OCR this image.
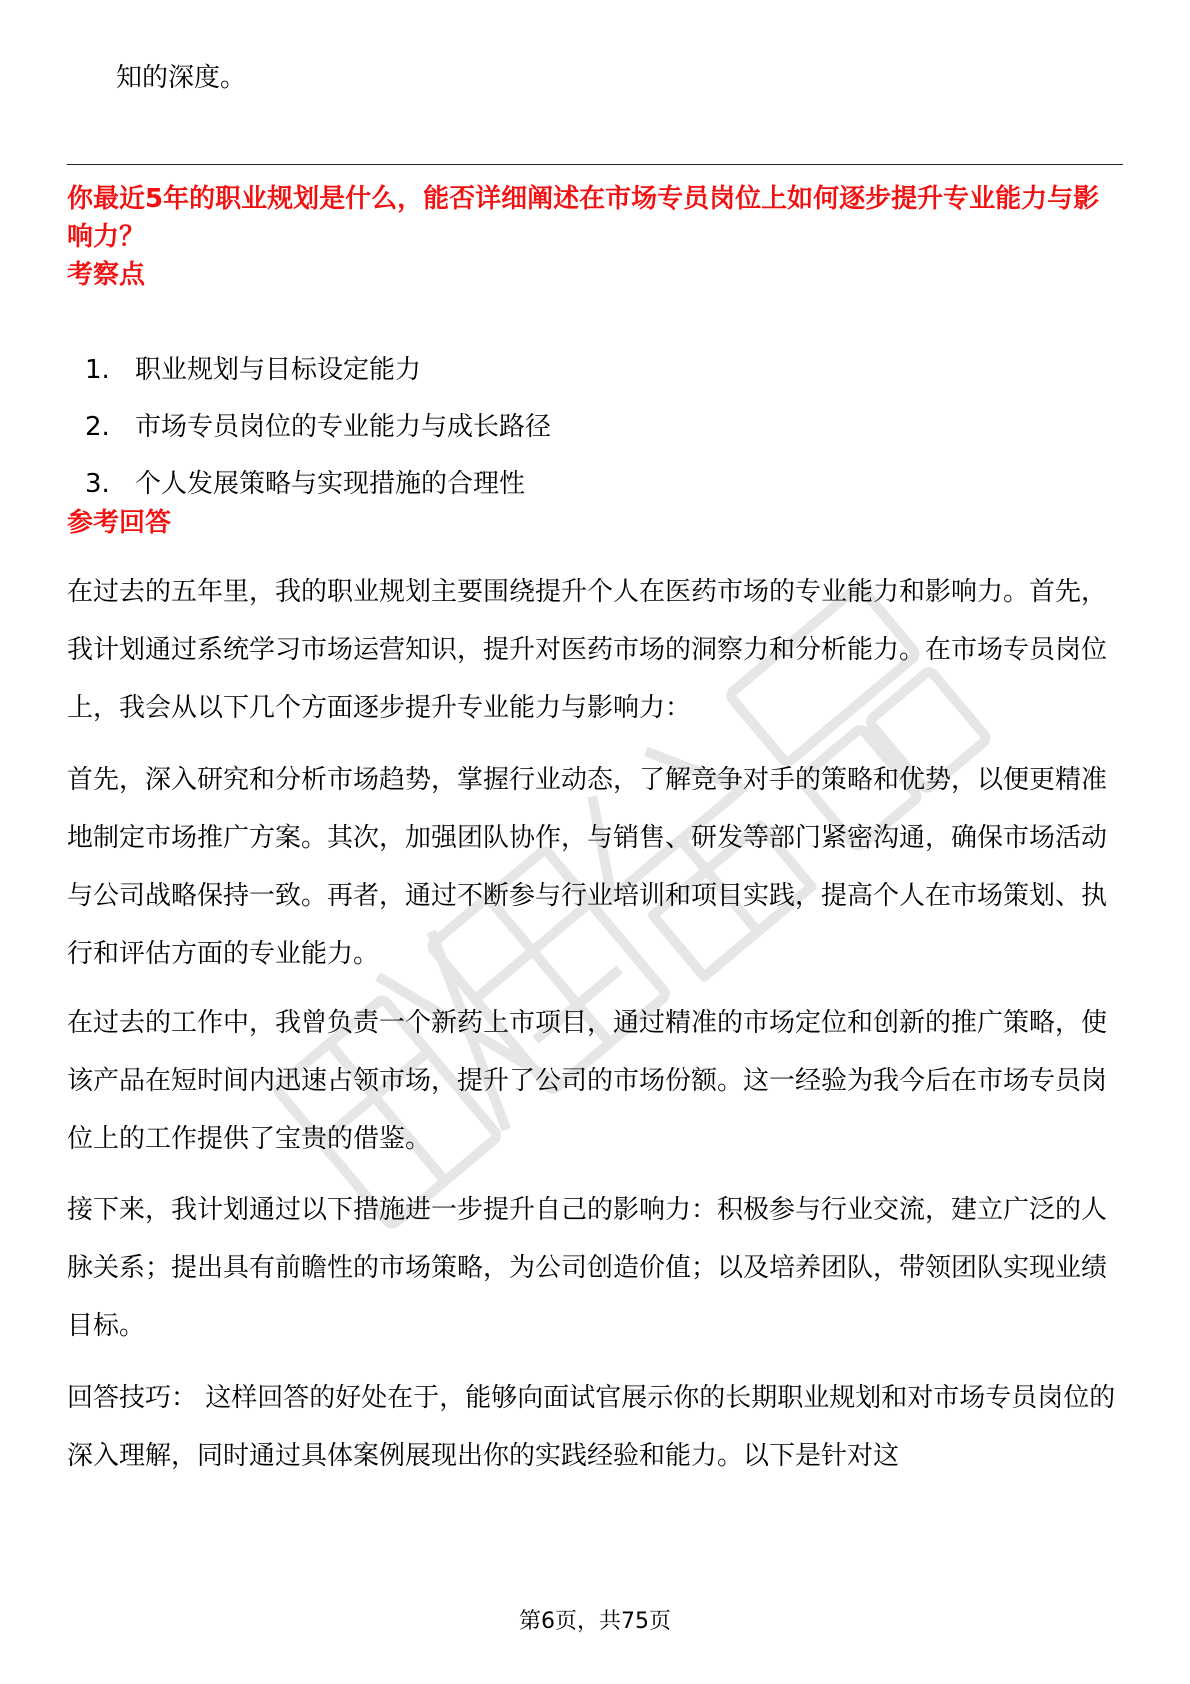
知的深度。

你最近5年的职业规划是什么，能否详细阐述在市场专员岗位上如何逐步提升专业能力与影响力？

考察点

1. 职业规划与目标设定能力
2. 市场专员岗位的专业能力与成长路径
3. 个人发展策略与实现措施的合理性

参考回答

在过去的五年里，我的职业规划主要围绕提升个人在医药市场的专业能力和影响力。首先，我计划通过系统学习市场运营知识，提升对医药市场的洞察力和分析能力。在市场专员岗位上，我会从以下几个方面逐步提升专业能力与影响力：

首先，深入研究和分析市场趋势，掌握行业动态，了解竞争对手的策略和优势，以便更精准地制定市场推广方案。其次，加强团队协作，与销售、研发等部门紧密沟通，确保市场活动与公司战略保持一致。再者，通过不断参与行业培训和项目实践，提高个人在市场策划、执行和评估方面的专业能力。

在过去的工作中，我曾负责一个新药上市项目，通过精准的市场定位和创新的推广策略，使该产品在短时间内迅速占领市场，提升了公司的市场份额。这一经验为我今后在市场专员岗位上的工作提供了宝贵的借鉴。

接下来，我计划通过以下措施进一步提升自己的影响力：积极参与行业交流，建立广泛的人脉关系；提出具有前瞻性的市场策略，为公司创造价值；以及培养团队，带领团队实现业绩目标。

回答技巧： 这样回答的好处在于，能够向面试官展示你的长期职业规划和对市场专员岗位的深入理解，同时通过具体案例展现出你的实践经验和能力。以下是针对这

第6页，共75页
